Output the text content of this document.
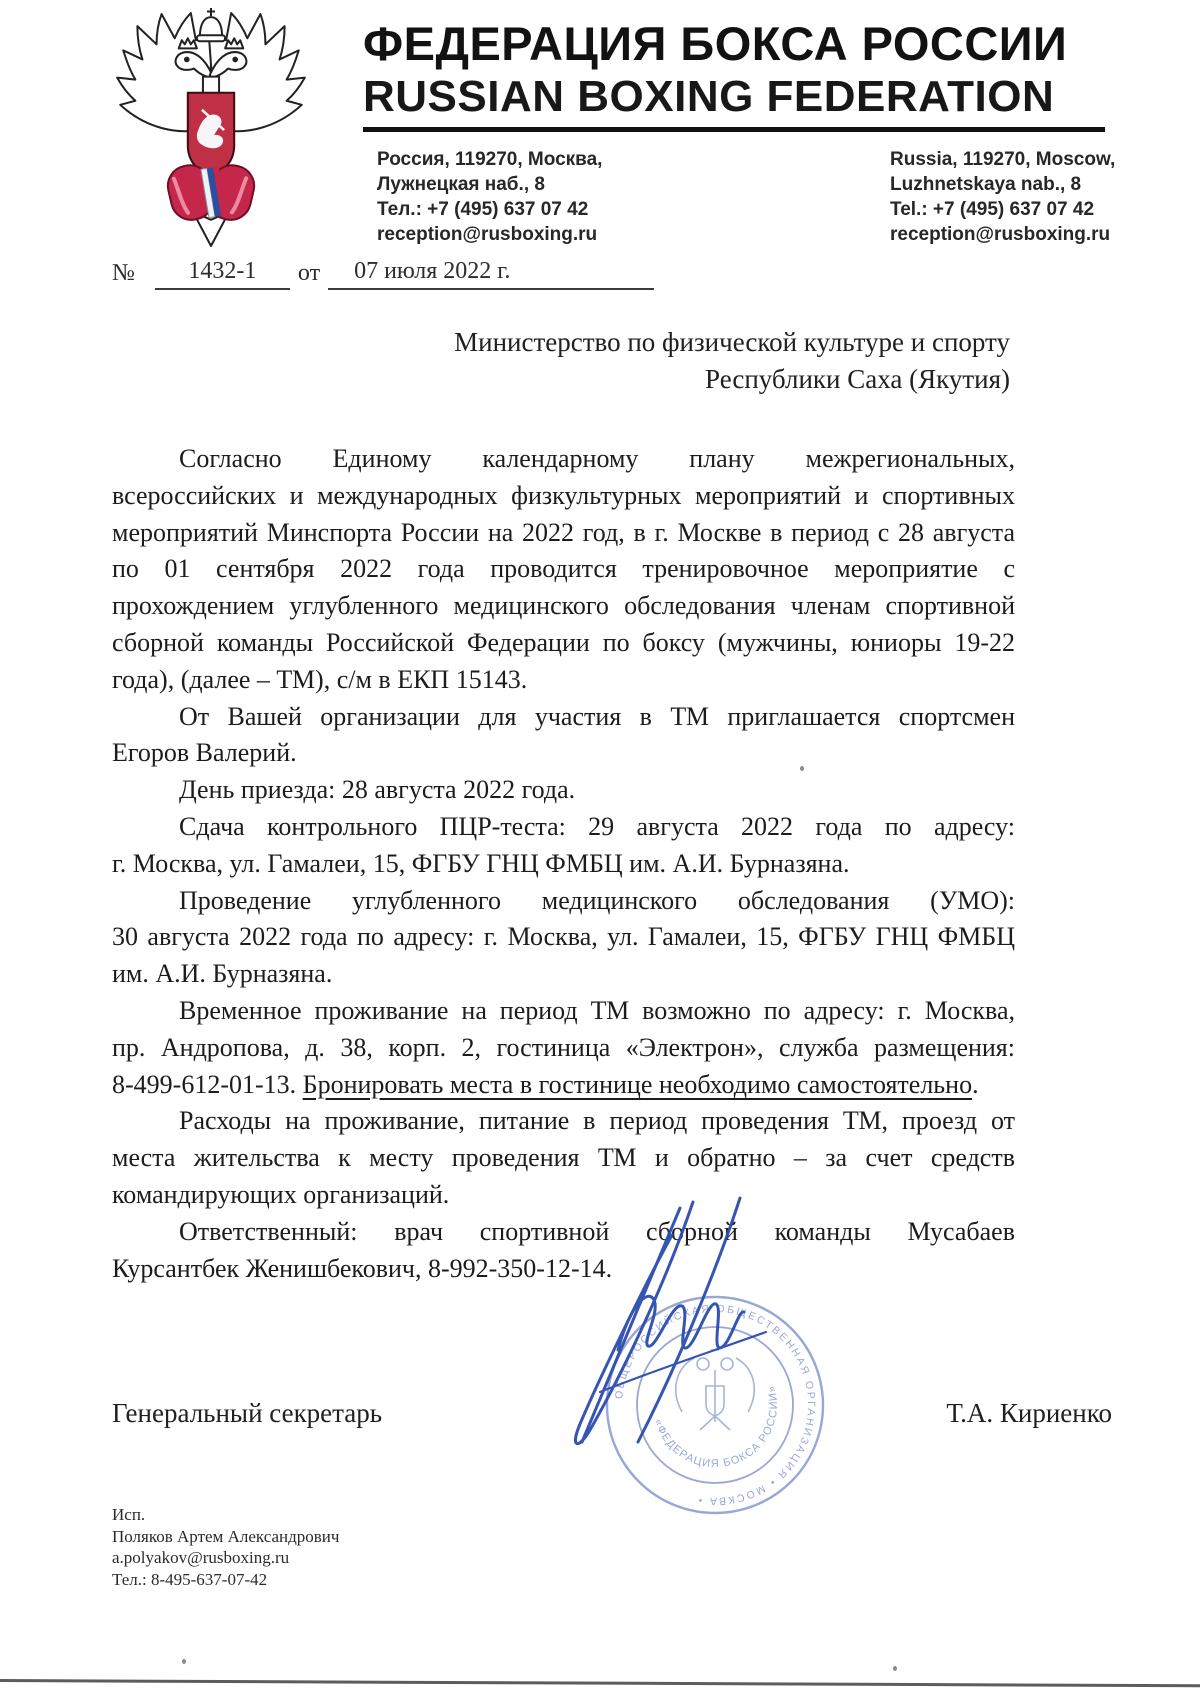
ФЕДЕРАЦИЯ БОКСА РОССИИ
RUSSIAN BOXING FEDERATION
Россия, 119270, Москва,
Лужнецкая наб., 8
Тел.: +7 (495) 637 07 42
reception@rusboxing.ru
Russia, 119270, Moscow,
Luzhnetskaya nab., 8
Tel.: +7 (495) 637 07 42
reception@rusboxing.ru
№	1432-1	от	07 июля 2022 г.
Министерство по физической культуре и спорту
Республики Саха (Якутия)
Согласно Единому календарному плану межрегиональных,
всероссийских и международных физкультурных мероприятий и спортивных
мероприятий Минспорта России на 2022 год, в г. Москве в период с 28 августа
по 01 сентября 2022 года проводится тренировочное мероприятие с
прохождением углубленного медицинского обследования членам спортивной
сборной команды Российской Федерации по боксу (мужчины, юниоры 19-22
года), (далее – ТМ), с/м в ЕКП 15143.
От Вашей организации для участия в ТМ приглашается спортсмен
Егоров Валерий.
День приезда: 28 августа 2022 года.
Сдача контрольного ПЦР-теста: 29 августа 2022 года по адресу:
г. Москва, ул. Гамалеи, 15, ФГБУ ГНЦ ФМБЦ им. А.И. Бурназяна.
Проведение углубленного медицинского обследования (УМО):
30 августа 2022 года по адресу: г. Москва, ул. Гамалеи, 15, ФГБУ ГНЦ ФМБЦ
им. А.И. Бурназяна.
Временное проживание на период ТМ возможно по адресу: г. Москва,
пр. Андропова, д. 38, корп. 2, гостиница «Электрон», служба размещения:
8-499-612-01-13. Бронировать места в гостинице необходимо самостоятельно.
Расходы на проживание, питание в период проведения ТМ, проезд от
места жительства к месту проведения ТМ и обратно – за счет средств
командирующих организаций.
Ответственный: врач спортивной сборной команды Мусабаев
Курсантбек Женишбекович, 8-992-350-12-14.
Генеральный секретарь	Т.А. Кириенко
ОБЩЕРОССИЙСКАЯ ОБЩЕСТВЕННАЯ ОРГАНИЗАЦИЯ • МОСКВА •
«ФЕДЕРАЦИЯ БОКСА РОССИИ»
Исп.
Поляков Артем Александрович
a.polyakov@rusboxing.ru
Тел.: 8-495-637-07-42
